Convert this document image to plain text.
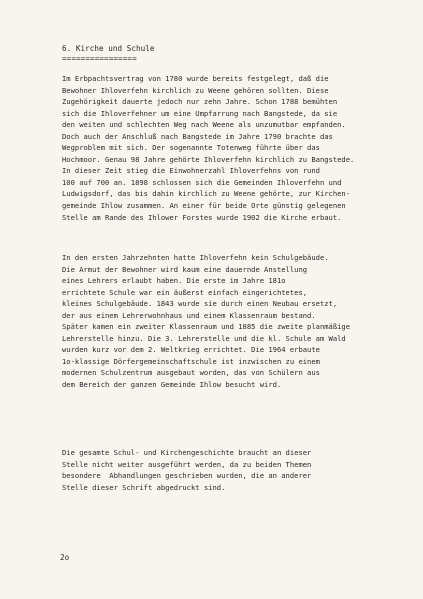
6. Kirche und Schule
================
Im Erbpachtsvertrag von 1780 wurde bereits festgelegt, daß die
Bewohner Ihloverfehn kirchlich zu Weene gehören sollten. Diese
Zugehörigkeit dauerte jedoch nur zehn Jahre. Schon 1788 bemühten
sich die Ihloverfehner um eine Umpfarrung nach Bangstede, da sie
den weiten und schlechten Weg nach Weene als unzumutbar empfanden.
Doch auch der Anschluß nach Bangstede im Jahre 1790 brachte das
Wegproblem mit sich. Der sogenannte Totenweg führte über das
Hochmoor. Genau 98 Jahre gehörte Ihloverfehn kirchlich zu Bangstede.
In dieser Zeit stieg die Einwohnerzahl Ihloverfehns von rund
100 auf 700 an. 1898 schlossen sich die Gemeinden Ihloverfehn und
Ludwigsdorf, das bis dahin kirchlich zu Weene gehörte, zur Kirchen-
gemeinde Ihlow zusammen. An einer für beide Orte günstig gelegenen
Stelle am Rande des Ihlower Forstes wurde 1902 die Kirche erbaut.
In den ersten Jahrzehnten hatte Ihloverfehn kein Schulgebäude.
Die Armut der Bewohner wird kaum eine dauernde Anstellung
eines Lehrers erlaubt haben. Die erste im Jahre 181o
errichtete Schule war ein äußerst einfach eingerichtetes,
kleines Schulgebäude. 1843 wurde sie durch einen Neubau ersetzt,
der aus einem Lehrerwohnhaus und einem Klassenraum bestand.
Später kamen ein zweiter Klassenraum und 1885 die zweite planmäßige
Lehrerstelle hinzu. Die 3. Lehrerstelle und die kl. Schule am Wald
wurden kurz vor dem 2. Weltkrieg errichtet. Die 1964 erbaute
1o-klassige Dörfergemeinschaftschule ist inzwischen zu einem
modernen Schulzentrum ausgebaut worden, das von Schülern aus
dem Bereich der ganzen Gemeinde Ihlow besucht wird.
Die gesamte Schul- und Kirchengeschichte braucht an dieser
Stelle nicht weiter ausgeführt werden, da zu beiden Themen
besondere  Abhandlungen geschrieben wurden, die an anderer
Stelle dieser Schrift abgedruckt sind.
2o
